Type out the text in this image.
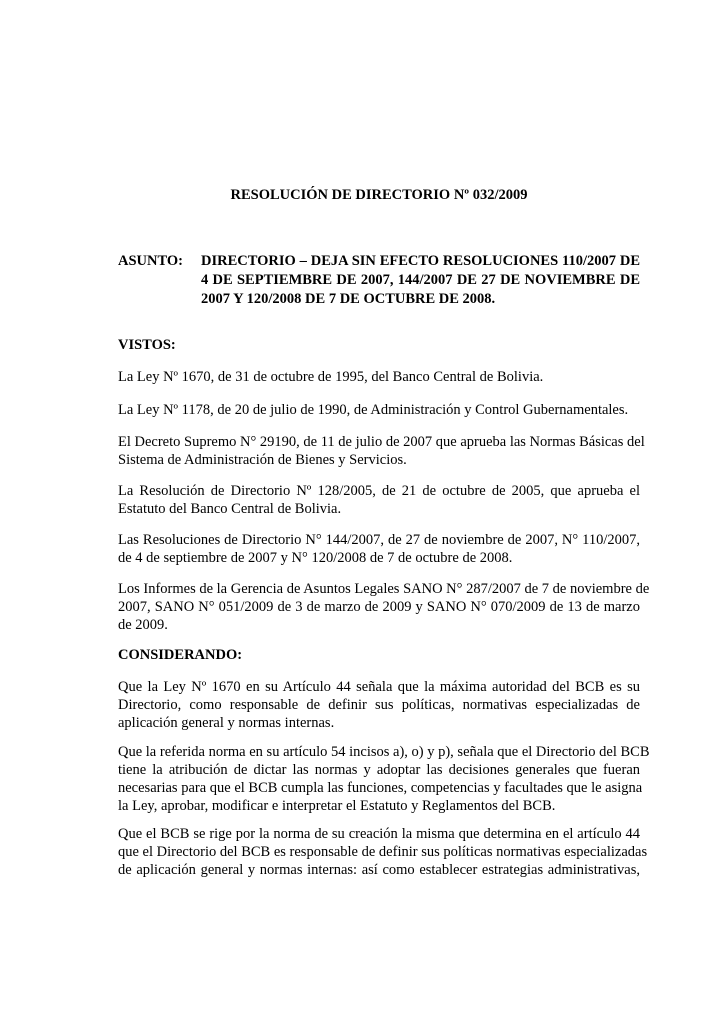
RESOLUCIÓN DE DIRECTORIO Nº 032/2009
ASUNTO: DIRECTORIO – DEJA SIN EFECTO RESOLUCIONES 110/2007 DE
4 DE SEPTIEMBRE DE 2007, 144/2007 DE 27 DE NOVIEMBRE DE
2007 Y 120/2008 DE 7 DE OCTUBRE DE 2008.
VISTOS:
La Ley Nº 1670, de 31 de octubre de 1995, del Banco Central de Bolivia.
La Ley Nº 1178, de 20 de julio de 1990, de Administración y Control Gubernamentales.
El Decreto Supremo N° 29190, de 11 de julio de 2007 que aprueba las Normas Básicas del
Sistema de Administración de Bienes y Servicios.
La Resolución de Directorio Nº 128/2005, de 21 de octubre de 2005, que aprueba el
Estatuto del Banco Central de Bolivia.
Las Resoluciones de Directorio N° 144/2007, de 27 de noviembre de 2007, N° 110/2007,
de 4 de septiembre de 2007 y N° 120/2008 de 7 de octubre de 2008.
Los Informes de la Gerencia de Asuntos Legales SANO N° 287/2007 de 7 de noviembre de
2007, SANO N° 051/2009 de 3 de marzo de 2009 y SANO N° 070/2009 de 13 de marzo
de 2009.
CONSIDERANDO:
Que la Ley Nº 1670 en su Artículo 44 señala que la máxima autoridad del BCB es su
Directorio, como responsable de definir sus políticas, normativas especializadas de
aplicación general y normas internas.
Que la referida norma en su artículo 54 incisos a), o) y p), señala que el Directorio del BCB
tiene la atribución de dictar las normas y adoptar las decisiones generales que fueran
necesarias para que el BCB cumpla las funciones, competencias y facultades que le asigna
la Ley, aprobar, modificar e interpretar el Estatuto y Reglamentos del BCB.
Que el BCB se rige por la norma de su creación la misma que determina en el artículo 44
que el Directorio del BCB es responsable de definir sus políticas normativas especializadas
de aplicación general y normas internas: así como establecer estrategias administrativas,
